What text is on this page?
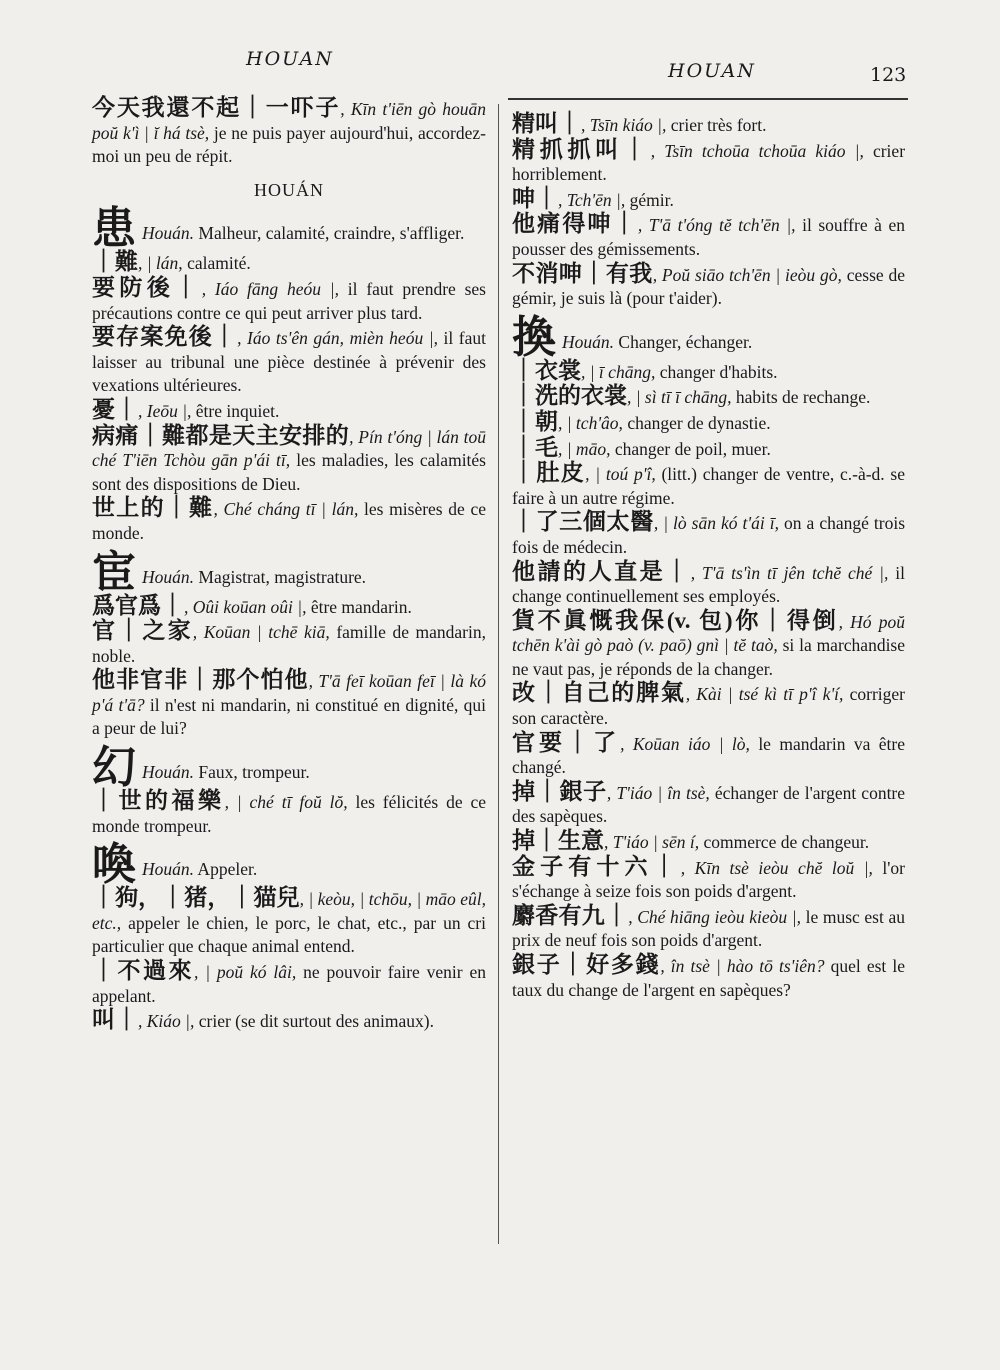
HOUAN
HOUAN	123

今天我還不起｜一吓子, Kīn t'iēn gò houān poŭ k'ì | ĭ há tsè, je ne puis payer aujourd'hui, accordez-moi un peu de répit.

HOUÁN

患 Houán. Malheur, calamité, craindre, s'affliger.

｜難, | lán, calamité.

要防後｜, Iáo fāng heóu |, il faut prendre ses précautions contre ce qui peut arriver plus tard.

要存案免後｜, Iáo ts'ên gán, mièn heóu |, il faut laisser au tribunal une pièce destinée à prévenir des vexations ultérieures.

憂｜, Ieōu |, être inquiet.

病痛｜難都是天主安排的, Pín t'óng | lán toū ché T'iēn Tchòu gān p'ái tī, les maladies, les calamités sont des dispositions de Dieu.

世上的｜難, Ché cháng tī | lán, les misères de ce monde.

宦 Houán. Magistrat, magistrature.

爲官爲｜, Oûi koūan oûi |, être mandarin.

官｜之家, Koūan | tchē kiā, famille de mandarin, noble.

他非官非｜那个怕他, T'ā feī koūan feī | là kó p'á t'ā? il n'est ni mandarin, ni constitué en dignité, qui a peur de lui?

幻 Houán. Faux, trompeur.

｜世的福樂, | ché tī foŭ lŏ, les félicités de ce monde trompeur.

喚 Houán. Appeler.

｜狗，｜猪，｜猫兒, | keòu, | tchōu, | māo eûl, etc., appeler le chien, le porc, le chat, etc., par un cri particulier que chaque animal entend.

｜不過來, | poŭ kó lâi, ne pouvoir faire venir en appelant.

叫｜, Kiáo |, crier (se dit surtout des animaux).

精叫｜, Tsīn kiáo |, crier très fort.

精抓抓叫｜, Tsīn tchoūa tchoūa kiáo |, crier horriblement.

呻｜, Tch'ēn |, gémir.

他痛得呻｜, T'ā t'óng tĕ tch'ēn |, il souffre à en pousser des gémissements.

不消呻｜有我, Poŭ siāo tch'ēn | ieòu gò, cesse de gémir, je suis là (pour t'aider).

換 Houán. Changer, échanger.

｜衣裳, | ī chāng, changer d'habits.

｜洗的衣裳, | sì tī ī chāng, habits de rechange.

｜朝, | tch'âo, changer de dynastie.

｜毛, | māo, changer de poil, muer.

｜肚皮, | toú p'î, (litt.) changer de ventre, c.-à-d. se faire à un autre régime.

｜了三個太醫, | lò sān kó t'ái ī, on a changé trois fois de médecin.

他請的人直是｜, T'ā ts'ìn tī jên tchĕ ché |, il change continuellement ses employés.

貨不眞慨我保(v. 包)你｜得倒, Hó poŭ tchēn k'ài gò paò (v. paō) gnì | tĕ taò, si la marchandise ne vaut pas, je réponds de la changer.

改｜自己的脾氣, Kài | tsé kì tī p'î k'í, corriger son caractère.

官要｜了, Koūan iáo | lò, le mandarin va être changé.

掉｜銀子, T'iáo | în tsè, échanger de l'argent contre des sapèques.

掉｜生意, T'iáo | sēn í, commerce de changeur.

金子有十六｜, Kīn tsè ieòu chĕ loŭ |, l'or s'échange à seize fois son poids d'argent.

麝香有九｜, Ché hiāng ieòu kieòu |, le musc est au prix de neuf fois son poids d'argent.

銀子｜好多錢, în tsè | hào tō ts'iên? quel est le taux du change de l'argent en sapèques?
